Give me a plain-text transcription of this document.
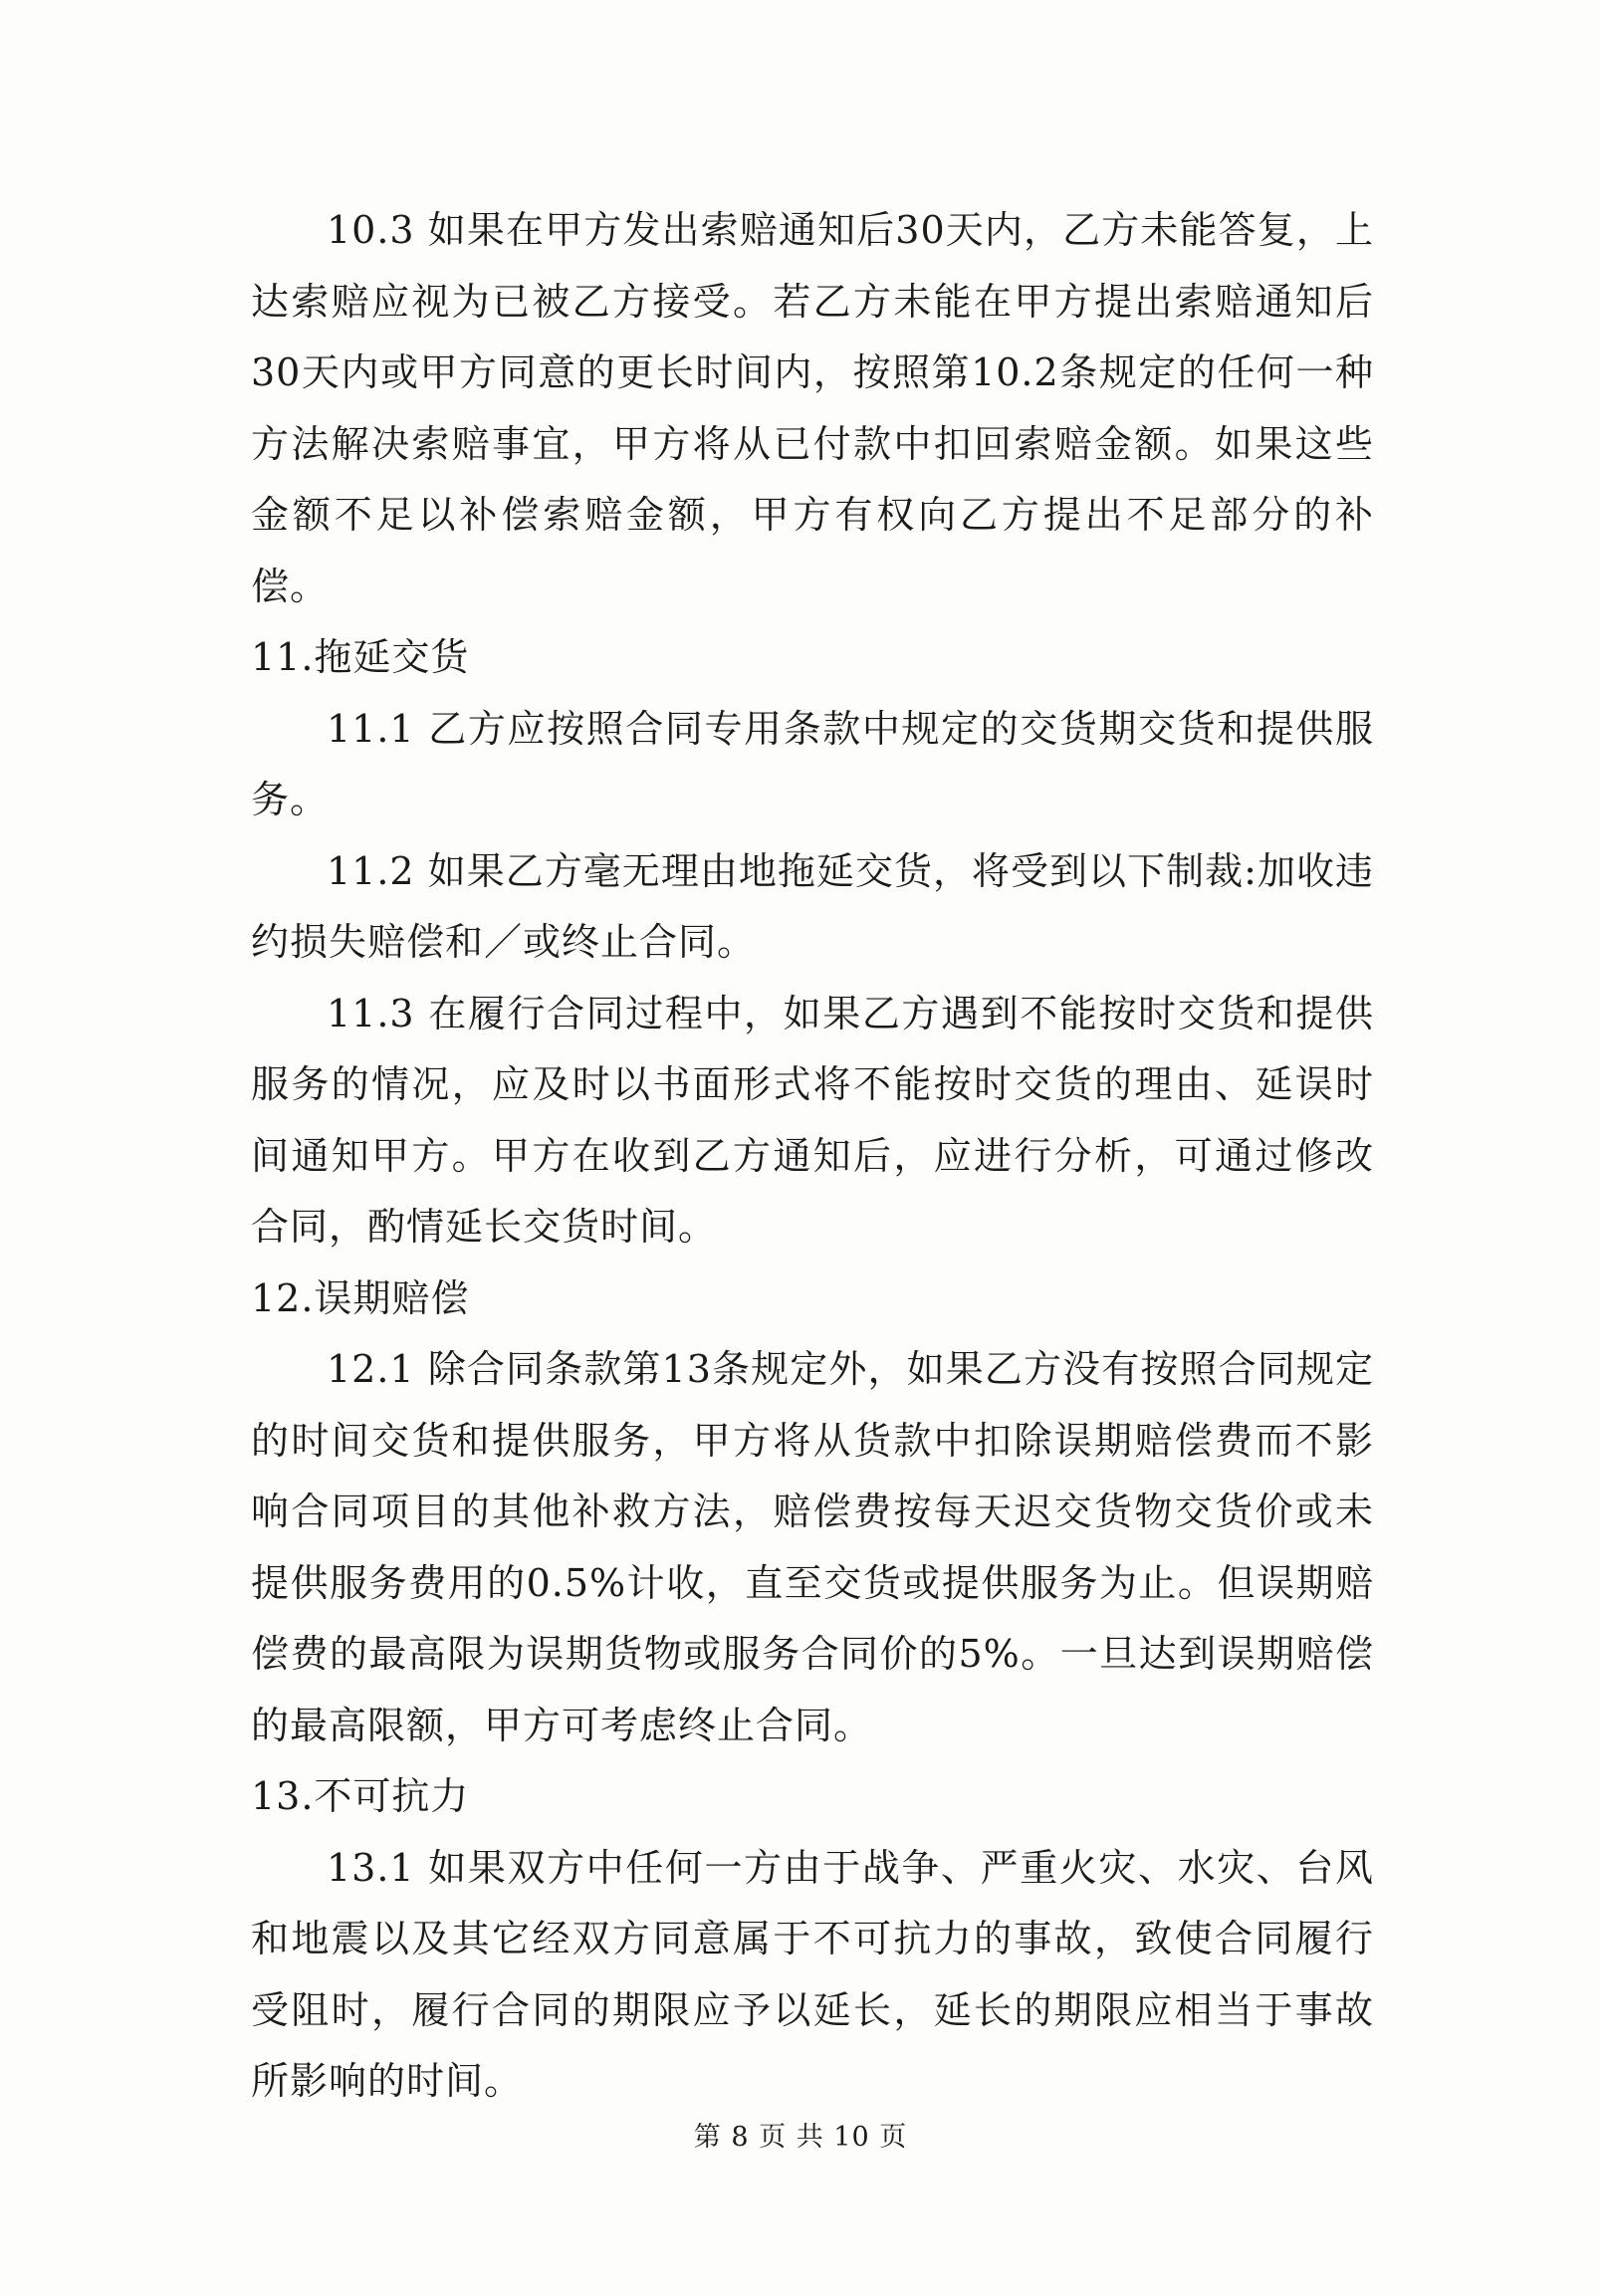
10.3 如果在甲方发出索赔通知后30天内，乙方未能答复，上达索赔应视为已被乙方接受。若乙方未能在甲方提出索赔通知后30天内或甲方同意的更长时间内，按照第10.2条规定的任何一种方法解决索赔事宜，甲方将从已付款中扣回索赔金额。如果这些金额不足以补偿索赔金额，甲方有权向乙方提出不足部分的补偿。

11.拖延交货

11.1 乙方应按照合同专用条款中规定的交货期交货和提供服务。

11.2 如果乙方毫无理由地拖延交货，将受到以下制裁:加收违约损失赔偿和／或终止合同。

11.3 在履行合同过程中，如果乙方遇到不能按时交货和提供服务的情况，应及时以书面形式将不能按时交货的理由、延误时间通知甲方。甲方在收到乙方通知后，应进行分析，可通过修改合同，酌情延长交货时间。

12.误期赔偿

12.1 除合同条款第13条规定外，如果乙方没有按照合同规定的时间交货和提供服务，甲方将从货款中扣除误期赔偿费而不影响合同项目的其他补救方法，赔偿费按每天迟交货物交货价或未提供服务费用的0.5%计收，直至交货或提供服务为止。但误期赔偿费的最高限为误期货物或服务合同价的5%。一旦达到误期赔偿的最高限额，甲方可考虑终止合同。

13.不可抗力

13.1 如果双方中任何一方由于战争、严重火灾、水灾、台风和地震以及其它经双方同意属于不可抗力的事故，致使合同履行受阻时，履行合同的期限应予以延长，延长的期限应相当于事故所影响的时间。

第 8 页 共 10 页
